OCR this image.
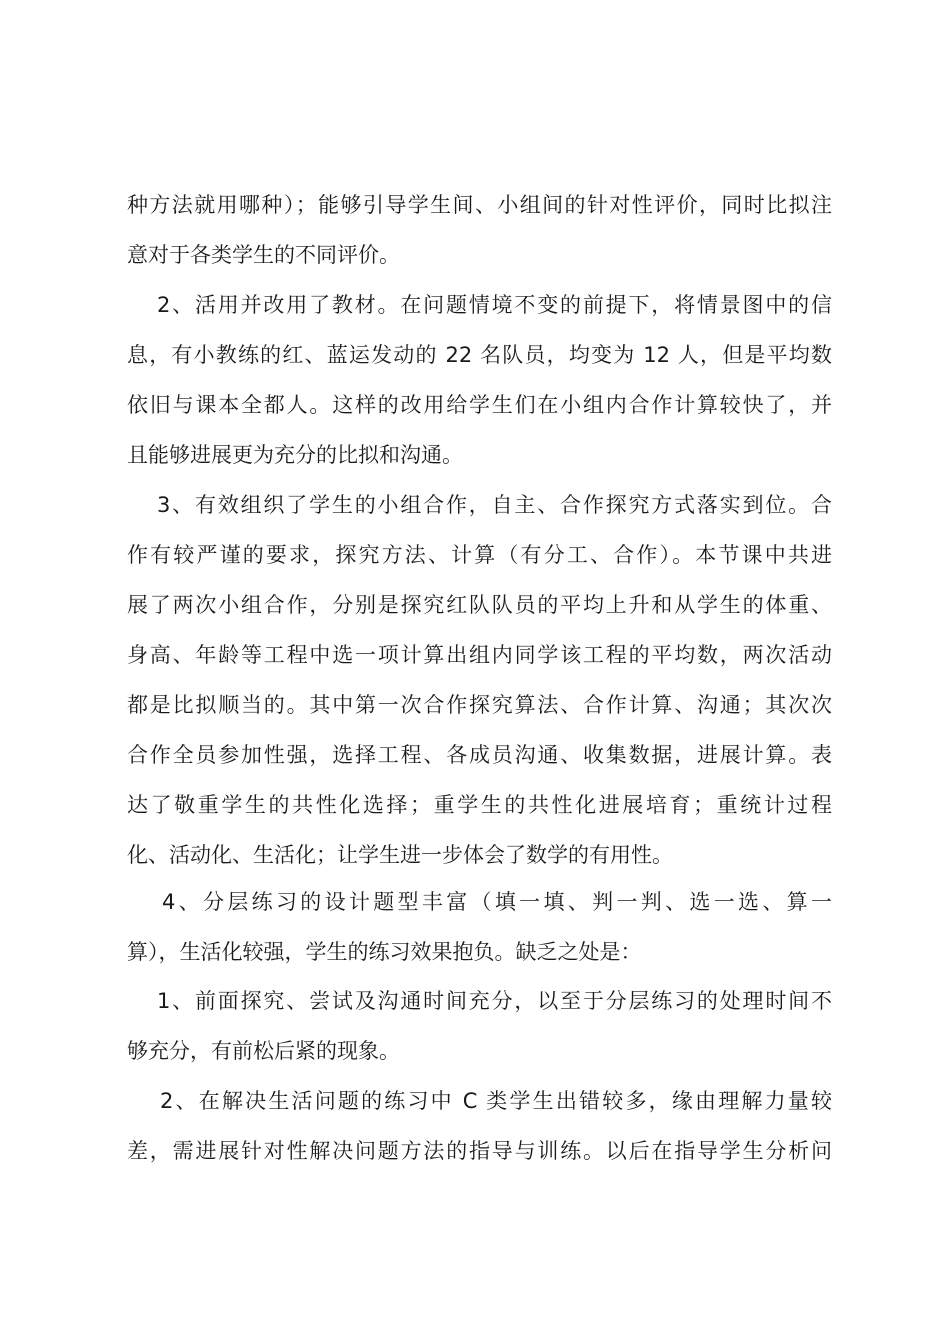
种方法就用哪种）；能够引导学生间、小组间的针对性评价，同时比拟注
意对于各类学生的不同评价。
2、活用并改用了教材。在问题情境不变的前提下，将情景图中的信
息，有小教练的红、蓝运发动的 22 名队员，均变为 12 人，但是平均数
依旧与课本全都人。这样的改用给学生们在小组内合作计算较快了，并
且能够进展更为充分的比拟和沟通。
3、有效组织了学生的小组合作，自主、合作探究方式落实到位。合
作有较严谨的要求，探究方法、计算（有分工、合作）。本节课中共进
展了两次小组合作，分别是探究红队队员的平均上升和从学生的体重、
身高、年龄等工程中选一项计算出组内同学该工程的平均数，两次活动
都是比拟顺当的。其中第一次合作探究算法、合作计算、沟通；其次次
合作全员参加性强，选择工程、各成员沟通、收集数据，进展计算。表
达了敬重学生的共性化选择；重学生的共性化进展培育；重统计过程
化、活动化、生活化；让学生进一步体会了数学的有用性。
4、分层练习的设计题型丰富（填一填、判一判、选一选、算一
算），生活化较强，学生的练习效果抱负。缺乏之处是：
1、前面探究、尝试及沟通时间充分，以至于分层练习的处理时间不
够充分，有前松后紧的现象。
2、在解决生活问题的练习中 C 类学生出错较多，缘由理解力量较
差，需进展针对性解决问题方法的指导与训练。以后在指导学生分析问
